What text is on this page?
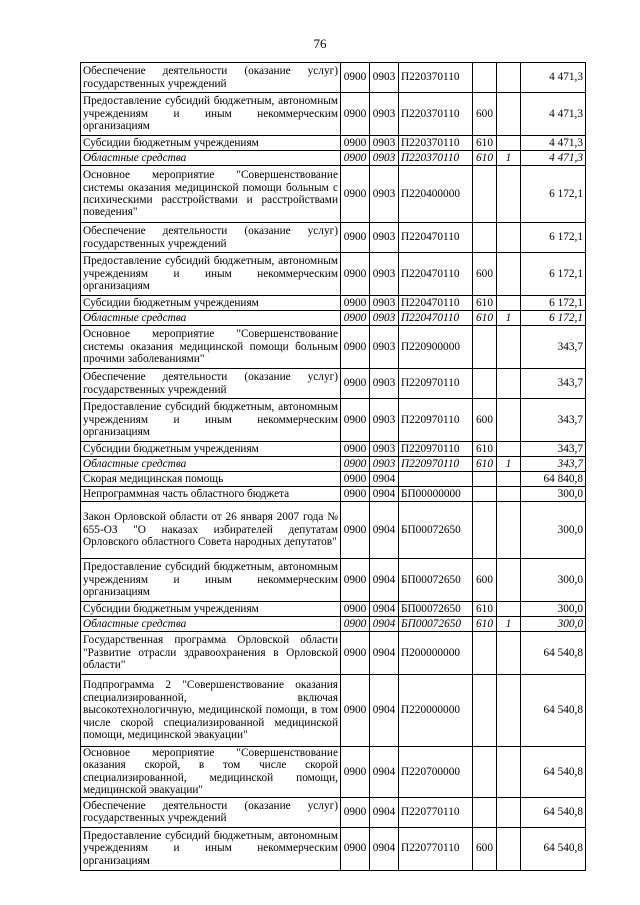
76
Обеспечение деятельности (оказание услуг) государственных учреждений	0900	0903	П220370110			4 471,3
Предоставление субсидий бюджетным, автономным учреждениям и иным некоммерческим организациям	0900	0903	П220370110	600		4 471,3
Субсидии бюджетным учреждениям	0900	0903	П220370110	610		4 471,3
Областные средства	0900	0903	П220370110	610	1	4 471,3
Основное мероприятие "Совершенствование системы оказания медицинской помощи больным с психическими расстройствами и расстройствами поведения"	0900	0903	П220400000			6 172,1
Обеспечение деятельности (оказание услуг) государственных учреждений	0900	0903	П220470110			6 172,1
Предоставление субсидий бюджетным, автономным учреждениям и иным некоммерческим организациям	0900	0903	П220470110	600		6 172,1
Субсидии бюджетным учреждениям	0900	0903	П220470110	610		6 172,1
Областные средства	0900	0903	П220470110	610	1	6 172,1
Основное мероприятие "Совершенствование системы оказания медицинской помощи больным прочими заболеваниями"	0900	0903	П220900000			343,7
Обеспечение деятельности (оказание услуг) государственных учреждений	0900	0903	П220970110			343,7
Предоставление субсидий бюджетным, автономным учреждениям и иным некоммерческим организациям	0900	0903	П220970110	600		343,7
Субсидии бюджетным учреждениям	0900	0903	П220970110	610		343,7
Областные средства	0900	0903	П220970110	610	1	343,7
Скорая медицинская помощь	0900	0904				64 840,8
Непрограммная часть областного бюджета	0900	0904	БП00000000			300,0
Закон Орловской области от 26 января 2007 года № 655-ОЗ "О наказах избирателей депутатам Орловского областного Совета народных депутатов"	0900	0904	БП00072650			300,0
Предоставление субсидий бюджетным, автономным учреждениям и иным некоммерческим организациям	0900	0904	БП00072650	600		300,0
Субсидии бюджетным учреждениям	0900	0904	БП00072650	610		300,0
Областные средства	0900	0904	БП00072650	610	1	300,0
Государственная программа Орловской области "Развитие отрасли здравоохранения в Орловской области"	0900	0904	П200000000			64 540,8
Подпрограмма 2 "Совершенствование оказания специализированной, включая высокотехнологичную, медицинской помощи, в том числе скорой специализированной медицинской помощи, медицинской эвакуации"	0900	0904	П220000000			64 540,8
Основное мероприятие "Совершенствование оказания скорой, в том числе скорой специализированной, медицинской помощи, медицинской эвакуации"	0900	0904	П220700000			64 540,8
Обеспечение деятельности (оказание услуг) государственных учреждений	0900	0904	П220770110			64 540,8
Предоставление субсидий бюджетным, автономным учреждениям и иным некоммерческим организациям	0900	0904	П220770110	600		64 540,8
